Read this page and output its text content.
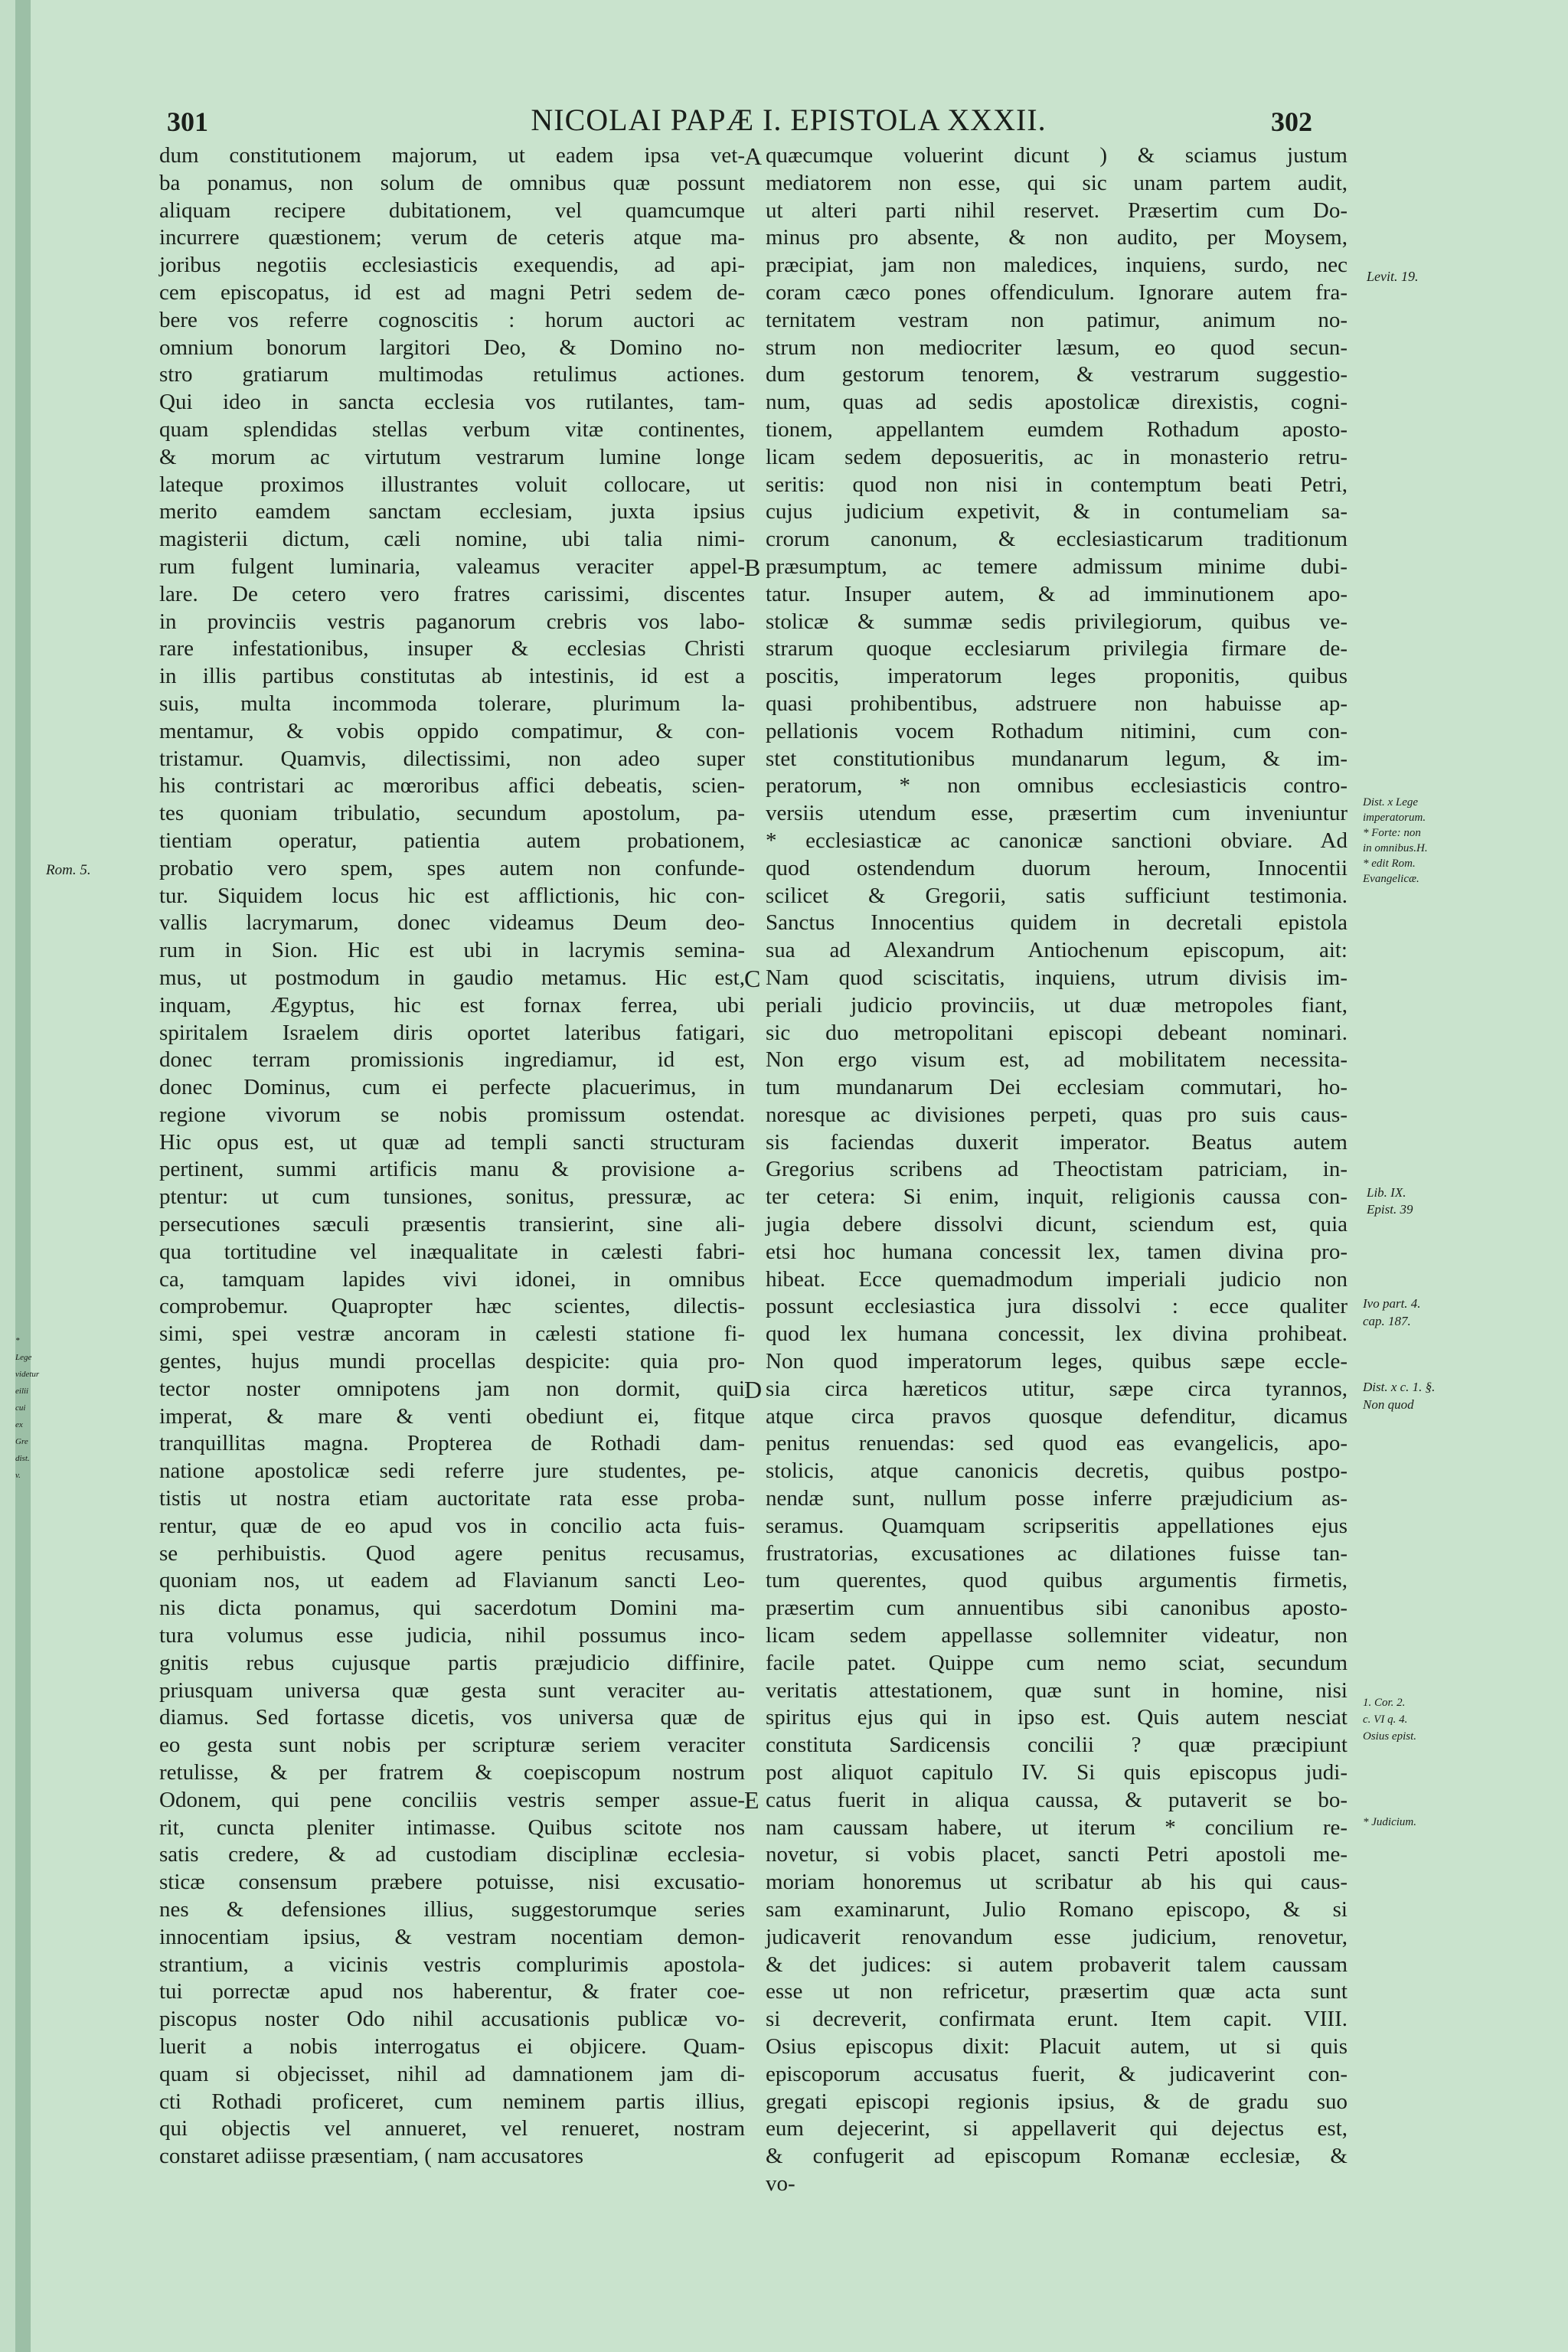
301	NICOLAI PAPÆ I. EPISTOLA XXXII.	302
dum constitutionem majorum, ut eadem ipsa vet-
ba ponamus, non solum de omnibus quæ possunt
aliquam recipere dubitationem, vel quamcumque
incurrere quæstionem; verum de ceteris atque ma-
joribus negotiis ecclesiasticis exequendis, ad api-
cem episcopatus, id est ad magni Petri sedem de-
bere vos referre cognoscitis : horum auctori ac
omnium bonorum largitori Deo, & Domino no-
stro gratiarum multimodas retulimus actiones.
Qui ideo in sancta ecclesia vos rutilantes, tam-
quam splendidas stellas verbum vitæ continentes,
& morum ac virtutum vestrarum lumine longe
lateque proximos illustrantes voluit collocare, ut
merito eamdem sanctam ecclesiam, juxta ipsius
magisterii dictum, cæli nomine, ubi talia nimi-
rum fulgent luminaria, valeamus veraciter appel-
lare. De cetero vero fratres carissimi, discentes
in provinciis vestris paganorum crebris vos labo-
rare infestationibus, insuper & ecclesias Christi
in illis partibus constitutas ab intestinis, id est a
suis, multa incommoda tolerare, plurimum la-
mentamur, & vobis oppido compatimur, & con-
tristamur. Quamvis, dilectissimi, non adeo super
his contristari ac mœroribus affici debeatis, scien-
tes quoniam tribulatio, secundum apostolum, pa-
tientiam operatur, patientia autem probationem,
probatio vero spem, spes autem non confunde-
tur. Siquidem locus hic est afflictionis, hic con-
vallis lacrymarum, donec videamus Deum deo-
rum in Sion. Hic est ubi in lacrymis semina-
mus, ut postmodum in gaudio metamus. Hic est,
inquam, Ægyptus, hic est fornax ferrea, ubi
spiritalem Israelem diris oportet lateribus fatigari,
donec terram promissionis ingrediamur, id est,
donec Dominus, cum ei perfecte placuerimus, in
regione vivorum se nobis promissum ostendat.
Hic opus est, ut quæ ad templi sancti structuram
pertinent, summi artificis manu & provisione a-
ptentur: ut cum tunsiones, sonitus, pressuræ, ac
persecutiones sæculi præsentis transierint, sine ali-
qua tortitudine vel inæqualitate in cælesti fabri-
ca, tamquam lapides vivi idonei, in omnibus
comprobemur. Quapropter hæc scientes, dilectis-
simi, spei vestræ ancoram in cælesti statione fi-
gentes, hujus mundi procellas despicite: quia pro-
tector noster omnipotens jam non dormit, qui
imperat, & mare & venti obediunt ei, fitque
tranquillitas magna. Propterea de Rothadi dam-
natione apostolicæ sedi referre jure studentes, pe-
tistis ut nostra etiam auctoritate rata esse proba-
rentur, quæ de eo apud vos in concilio acta fuis-
se perhibuistis. Quod agere penitus recusamus,
quoniam nos, ut eadem ad Flavianum sancti Leo-
nis dicta ponamus, qui sacerdotum Domini ma-
tura volumus esse judicia, nihil possumus inco-
gnitis rebus cujusque partis præjudicio diffinire,
priusquam universa quæ gesta sunt veraciter au-
diamus. Sed fortasse dicetis, vos universa quæ de
eo gesta sunt nobis per scripturæ seriem veraciter
retulisse, & per fratrem & coepiscopum nostrum
Odonem, qui pene conciliis vestris semper assue-
rit, cuncta pleniter intimasse. Quibus scitote nos
satis credere, & ad custodiam disciplinæ ecclesia-
sticæ consensum præbere potuisse, nisi excusatio-
nes & defensiones illius, suggestorumque series
innocentiam ipsius, & vestram nocentiam demon-
strantium, a vicinis vestris complurimis apostola-
tui porrectæ apud nos haberentur, & frater coe-
piscopus noster Odo nihil accusationis publicæ vo-
luerit a nobis interrogatus ei objicere. Quam-
quam si objecisset, nihil ad damnationem jam di-
cti Rothadi proficeret, cum neminem partis illius,
qui objectis vel annueret, vel renueret, nostram
constaret adiisse præsentiam, ( nam accusatores
quæcumque voluerint dicunt ) & sciamus justum
mediatorem non esse, qui sic unam partem audit,
ut alteri parti nihil reservet. Præsertim cum Do-
minus pro absente, & non audito, per Moysem,
præcipiat, jam non maledices, inquiens, surdo, nec
coram cæco pones offendiculum. Ignorare autem fra-
ternitatem vestram non patimur, animum no-
strum non mediocriter læsum, eo quod secun-
dum gestorum tenorem, & vestrarum suggestio-
num, quas ad sedis apostolicæ direxistis, cogni-
tionem, appellantem eumdem Rothadum aposto-
licam sedem deposueritis, ac in monasterio retru-
seritis: quod non nisi in contemptum beati Petri,
cujus judicium expetivit, & in contumeliam sa-
crorum canonum, & ecclesiasticarum traditionum
præsumptum, ac temere admissum minime dubi-
tatur. Insuper autem, & ad imminutionem apo-
stolicæ & summæ sedis privilegiorum, quibus ve-
strarum quoque ecclesiarum privilegia firmare de-
poscitis, imperatorum leges proponitis, quibus
quasi prohibentibus, adstruere non habuisse ap-
pellationis vocem Rothadum nitimini, cum con-
stet constitutionibus mundanarum legum, & im-
peratorum, * non omnibus ecclesiasticis contro-
versiis utendum esse, præsertim cum inveniuntur
* ecclesiasticæ ac canonicæ sanctioni obviare. Ad
quod ostendendum duorum heroum, Innocentii
scilicet & Gregorii, satis sufficiunt testimonia.
Sanctus Innocentius quidem in decretali epistola
sua ad Alexandrum Antiochenum episcopum, ait:
Nam quod sciscitatis, inquiens, utrum divisis im-
periali judicio provinciis, ut duæ metropoles fiant,
sic duo metropolitani episcopi debeant nominari.
Non ergo visum est, ad mobilitatem necessita-
tum mundanarum Dei ecclesiam commutari, ho-
noresque ac divisiones perpeti, quas pro suis caus-
sis faciendas duxerit imperator. Beatus autem
Gregorius scribens ad Theoctistam patriciam, in-
ter cetera: Si enim, inquit, religionis caussa con-
jugia debere dissolvi dicunt, sciendum est, quia
etsi hoc humana concessit lex, tamen divina pro-
hibeat. Ecce quemadmodum imperiali judicio non
possunt ecclesiastica jura dissolvi : ecce qualiter
quod lex humana concessit, lex divina prohibeat.
Non quod imperatorum leges, quibus sæpe eccle-
sia circa hæreticos utitur, sæpe circa tyrannos,
atque circa pravos quosque defenditur, dicamus
penitus renuendas: sed quod eas evangelicis, apo-
stolicis, atque canonicis decretis, quibus postpo-
nendæ sunt, nullum posse inferre præjudicium as-
seramus. Quamquam scripseritis appellationes ejus
frustratorias, excusationes ac dilationes fuisse tan-
tum querentes, quod quibus argumentis firmetis,
præsertim cum annuentibus sibi canonibus aposto-
licam sedem appellasse sollemniter videatur, non
facile patet. Quippe cum nemo sciat, secundum
veritatis attestationem, quæ sunt in homine, nisi
spiritus ejus qui in ipso est. Quis autem nesciat
constituta Sardicensis concilii ? quæ præcipiunt
post aliquot capitulo IV. Si quis episcopus judi-
catus fuerit in aliqua caussa, & putaverit se bo-
nam caussam habere, ut iterum * concilium re-
novetur, si vobis placet, sancti Petri apostoli me-
moriam honoremus ut scribatur ab his qui caus-
sam examinarunt, Julio Romano episcopo, & si
judicaverit renovandum esse judicium, renovetur,
& det judices: si autem probaverit talem caussam
esse ut non refricetur, præsertim quæ acta sunt
si decreverit, confirmata erunt. Item capit. VIII.
Osius episcopus dixit: Placuit autem, ut si quis
episcoporum accusatus fuerit, & judicaverint con-
gregati episcopi regionis ipsius, & de gradu suo
eum dejecerint, si appellaverit qui dejectus est,
& confugerit ad episcopum Romanæ ecclesiæ, &
vo-
A
B
C
D
E
Rom. 5.
Levit. 19.
Dist. x Lege
imperatorum.
* Forte: non
in omnibus.H.
* edit Rom.
Evangelicæ.
Lib. IX.
Epist. 39
Ivo part. 4.
cap. 187.
Dist. x c. 1. §.
Non quod
1. Cor. 2.
c. VI q. 4.
Osius epist.
* Judicium.
* Lege videtur eilii cui ex Gre dist. v.
